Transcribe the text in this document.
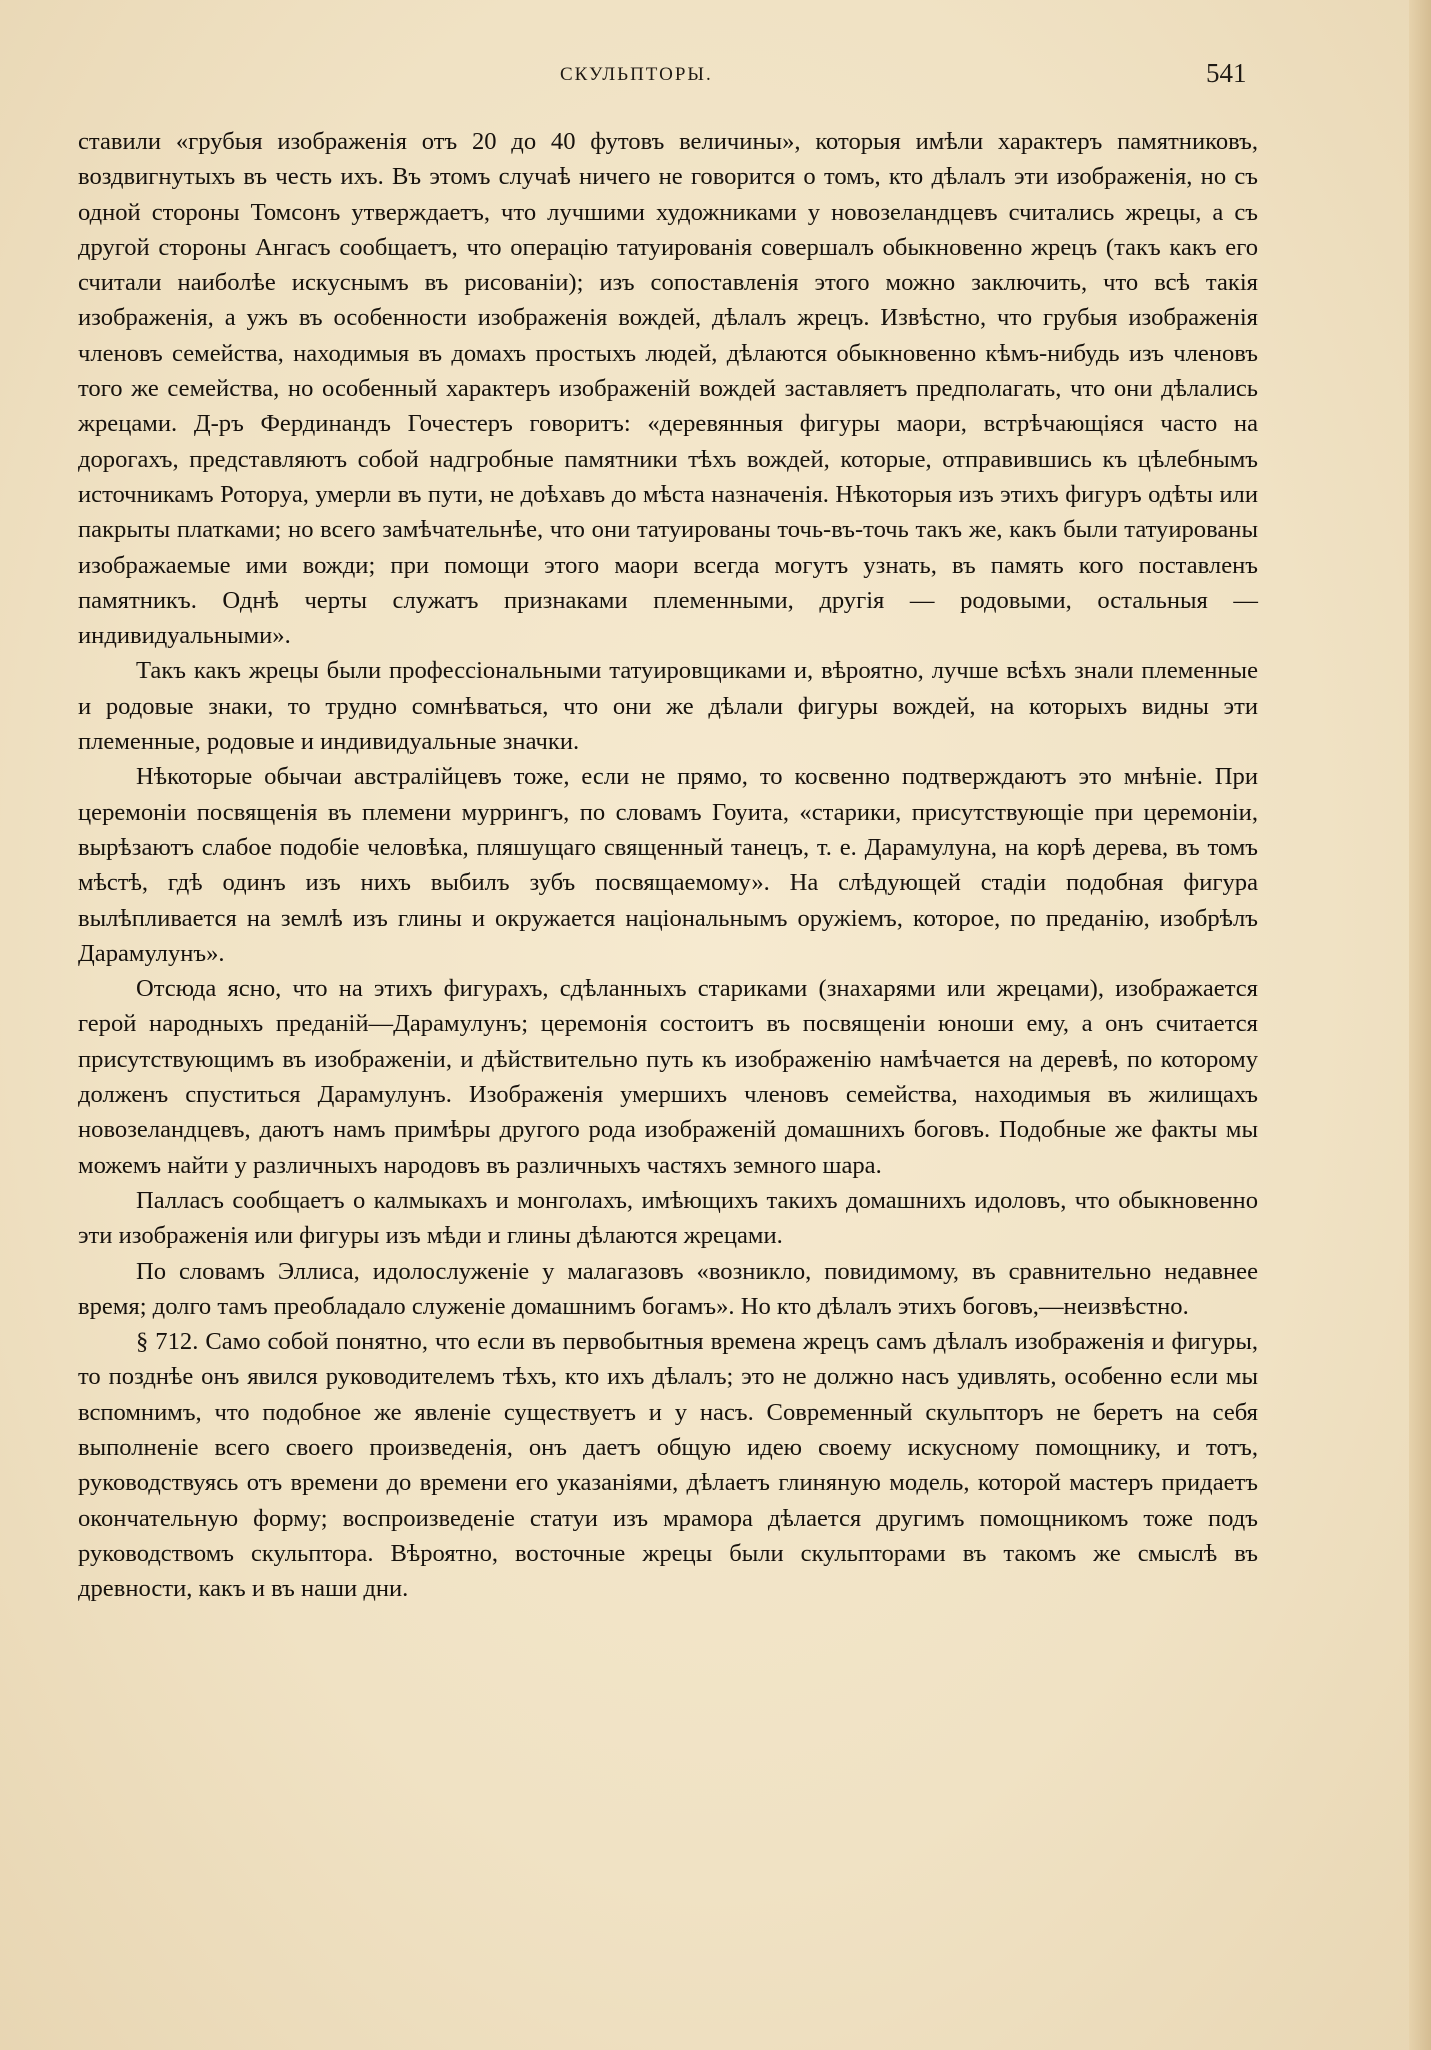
СКУЛЬПТОРЫ.	541

ставили «грубыя изображенія отъ 20 до 40 футовъ величины», которыя имѣли характеръ памятниковъ, воздвигнутыхъ въ честь ихъ. Въ этомъ случаѣ ничего не говорится о томъ, кто дѣлалъ эти изображенія, но съ одной стороны Томсонъ утверждаетъ, что лучшими художниками у новозеландцевъ считались жрецы, а съ другой стороны Ангасъ сообщаетъ, что операцію татуированія совершалъ обыкновенно жрецъ (такъ какъ его считали наиболѣе искуснымъ въ рисованіи); изъ сопоставленія этого можно заключить, что всѣ такія изображенія, а ужъ въ особенности изображенія вождей, дѣлалъ жрецъ. Извѣстно, что грубыя изображенія членовъ семейства, находимыя въ домахъ простыхъ людей, дѣлаются обыкновенно кѣмъ-нибудь изъ членовъ того же семейства, но особенный характеръ изображеній вождей заставляетъ предполагать, что они дѣлались жрецами. Д-ръ Фердинандъ Гочестеръ говоритъ: «деревянныя фигуры маори, встрѣчающіяся часто на дорогахъ, представляютъ собой надгробные памятники тѣхъ вождей, которые, отправившись къ цѣлебнымъ источникамъ Роторуа, умерли въ пути, не доѣхавъ до мѣста назначенія. Нѣкоторыя изъ этихъ фигуръ одѣты или пакрыты платками; но всего замѣчательнѣе, что они татуированы точь-въ-точь такъ же, какъ были татуированы изображаемые ими вожди; при помощи этого маори всегда могутъ узнать, въ память кого поставленъ памятникъ. Однѣ черты служатъ признаками племенными, другія — родовыми, остальныя — индивидуальными».

Такъ какъ жрецы были профессіональными татуировщиками и, вѣроятно, лучше всѣхъ знали племенные и родовые знаки, то трудно сомнѣваться, что они же дѣлали фигуры вождей, на которыхъ видны эти племенные, родовые и индивидуальные значки.

Нѣкоторые обычаи австралійцевъ тоже, если не прямо, то косвенно подтверждаютъ это мнѣніе. При церемоніи посвященія въ племени муррингъ, по словамъ Гоуита, «старики, присутствующіе при церемоніи, вырѣзаютъ слабое подобіе человѣка, пляшущаго священный танецъ, т. е. Дарамулуна, на корѣ дерева, въ томъ мѣстѣ, гдѣ одинъ изъ нихъ выбилъ зубъ посвящаемому». На слѣдующей стадіи подобная фигура вылѣпливается на землѣ изъ глины и окружается національнымъ оружіемъ, которое, по преданію, изобрѣлъ Дарамулунъ».

Отсюда ясно, что на этихъ фигурахъ, сдѣланныхъ стариками (знахарями или жрецами), изображается герой народныхъ преданій—Дарамулунъ; церемонія состоитъ въ посвященіи юноши ему, а онъ считается присутствующимъ въ изображеніи, и дѣйствительно путь къ изображенію намѣчается на деревѣ, по которому долженъ спуститься Дарамулунъ. Изображенія умершихъ членовъ семейства, находимыя въ жилищахъ новозеландцевъ, даютъ намъ примѣры другого рода изображеній домашнихъ боговъ. Подобные же факты мы можемъ найти у различныхъ народовъ въ различныхъ частяхъ земного шара.

Палласъ сообщаетъ о калмыкахъ и монголахъ, имѣющихъ такихъ домашнихъ идоловъ, что обыкновенно эти изображенія или фигуры изъ мѣди и глины дѣлаются жрецами.

По словамъ Эллиса, идолослуженіе у малагазовъ «возникло, повидимому, въ сравнительно недавнее время; долго тамъ преобладало служеніе домашнимъ богамъ». Но кто дѣлалъ этихъ боговъ,—неизвѣстно.

§ 712. Само собой понятно, что если въ первобытныя времена жрецъ самъ дѣлалъ изображенія и фигуры, то позднѣе онъ явился руководителемъ тѣхъ, кто ихъ дѣлалъ; это не должно насъ удивлять, особенно если мы вспомнимъ, что подобное же явленіе существуетъ и у насъ. Современный скульпторъ не беретъ на себя выполненіе всего своего произведенія, онъ даетъ общую идею своему искусному помощнику, и тотъ, руководствуясь отъ времени до времени его указаніями, дѣлаетъ глиняную модель, которой мастеръ придаетъ окончательную форму; воспроизведеніе статуи изъ мрамора дѣлается другимъ помощникомъ тоже подъ руководствомъ скульптора. Вѣроятно, восточные жрецы были скульпторами въ такомъ же смыслѣ въ древности, какъ и въ наши дни.
